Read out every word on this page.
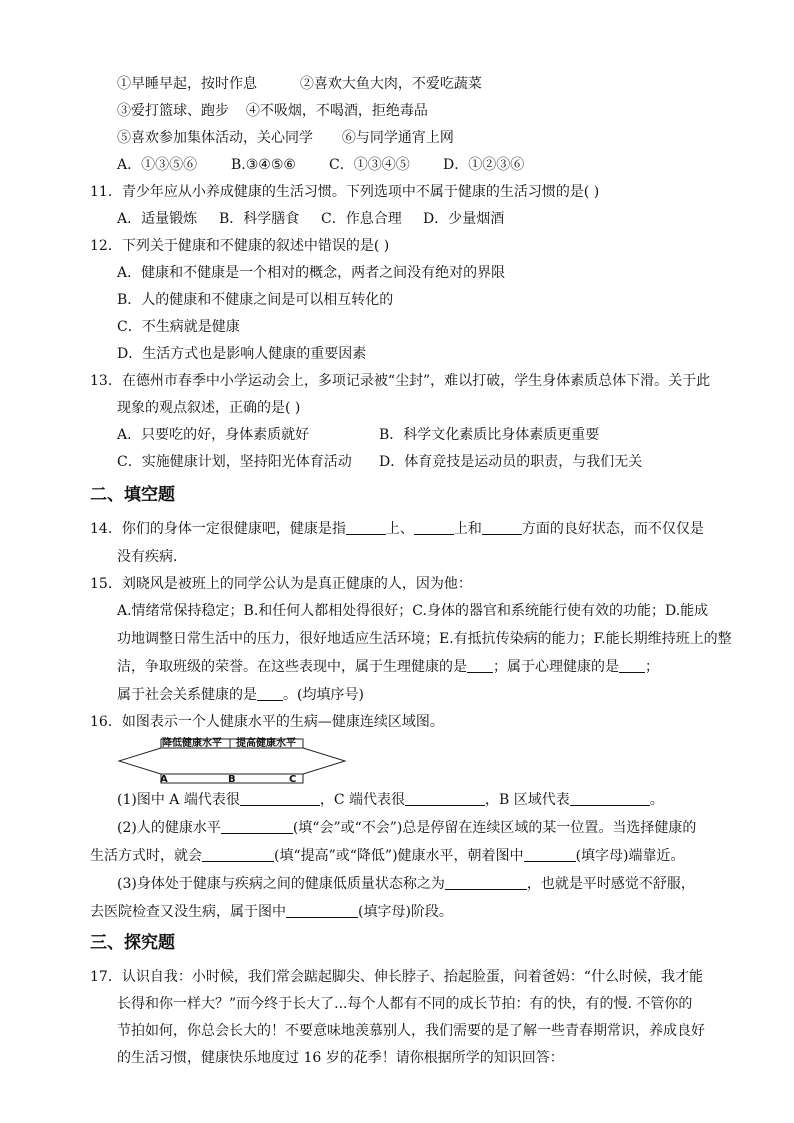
①早睡早起，按时作息	②喜欢大鱼大肉，不爱吃蔬菜
③爱打篮球、跑步 ④不吸烟，不喝酒，拒绝毒品
⑤喜欢参加集体活动，关心同学 ⑥与同学通宵上网
A．①③⑤⑥ B.③④⑤⑥ C．①③④⑤ D．①②③⑥
11．青少年应从小养成健康的生活习惯。下列选项中不属于健康的生活习惯的是( )
A．适量锻炼 B．科学膳食 C．作息合理 D．少量烟酒
12．下列关于健康和不健康的叙述中错误的是( )
A．健康和不健康是一个相对的概念，两者之间没有绝对的界限
B．人的健康和不健康之间是可以相互转化的
C．不生病就是健康
D．生活方式也是影响人健康的重要因素
13．在德州市春季中小学运动会上，多项记录被“尘封”，难以打破，学生身体素质总体下滑。关于此
现象的观点叙述，正确的是( )
A．只要吃的好，身体素质就好	B．科学文化素质比身体素质更重要
C．实施健康计划，坚持阳光体育活动 D．体育竞技是运动员的职责，与我们无关
二、填空题
14．你们的身体一定很健康吧，健康是指	上、	上和	方面的良好状态，而不仅仅是
没有疾病.
15．刘晓风是被班上的同学公认为是真正健康的人，因为他：
A.情绪常保持稳定；B.和任何人都相处得很好；C.身体的器官和系统能行使有效的功能；D.能成
功地调整日常生活中的压力，很好地适应生活环境；E.有抵抗传染病的能力；F.能长期维持班上的整
洁，争取班级的荣誉。在这些表现中，属于生理健康的是 ；属于心理健康的是 ；
属于社会关系健康的是 。(均填序号)
16．如图表示一个人健康水平的生病—健康连续区域图。
降低健康水平 提高健康水平
A	B	C
(1)图中 A 端代表很	，C 端代表很	，B 区域代表	。
(2)人的健康水平	(填“会”或“不会”)总是停留在连续区域的某一位置。当选择健康的
生活方式时，就会	(填“提高”或“降低”)健康水平，朝着图中	(填字母)端靠近。
(3)身体处于健康与疾病之间的健康低质量状态称之为	，也就是平时感觉不舒服，
去医院检查又没生病，属于图中	(填字母)阶段。
三、探究题
17．认识自我：小时候，我们常会踮起脚尖、伸长脖子、抬起脸蛋，问着爸妈：“什么时候，我才能
长得和你一样大？”而今终于长大了...每个人都有不同的成长节拍：有的快，有的慢. 不管你的
节拍如何，你总会长大的！不要意味地羡慕别人，我们需要的是了解一些青春期常识，养成良好
的生活习惯，健康快乐地度过 16 岁的花季！请你根据所学的知识回答：
